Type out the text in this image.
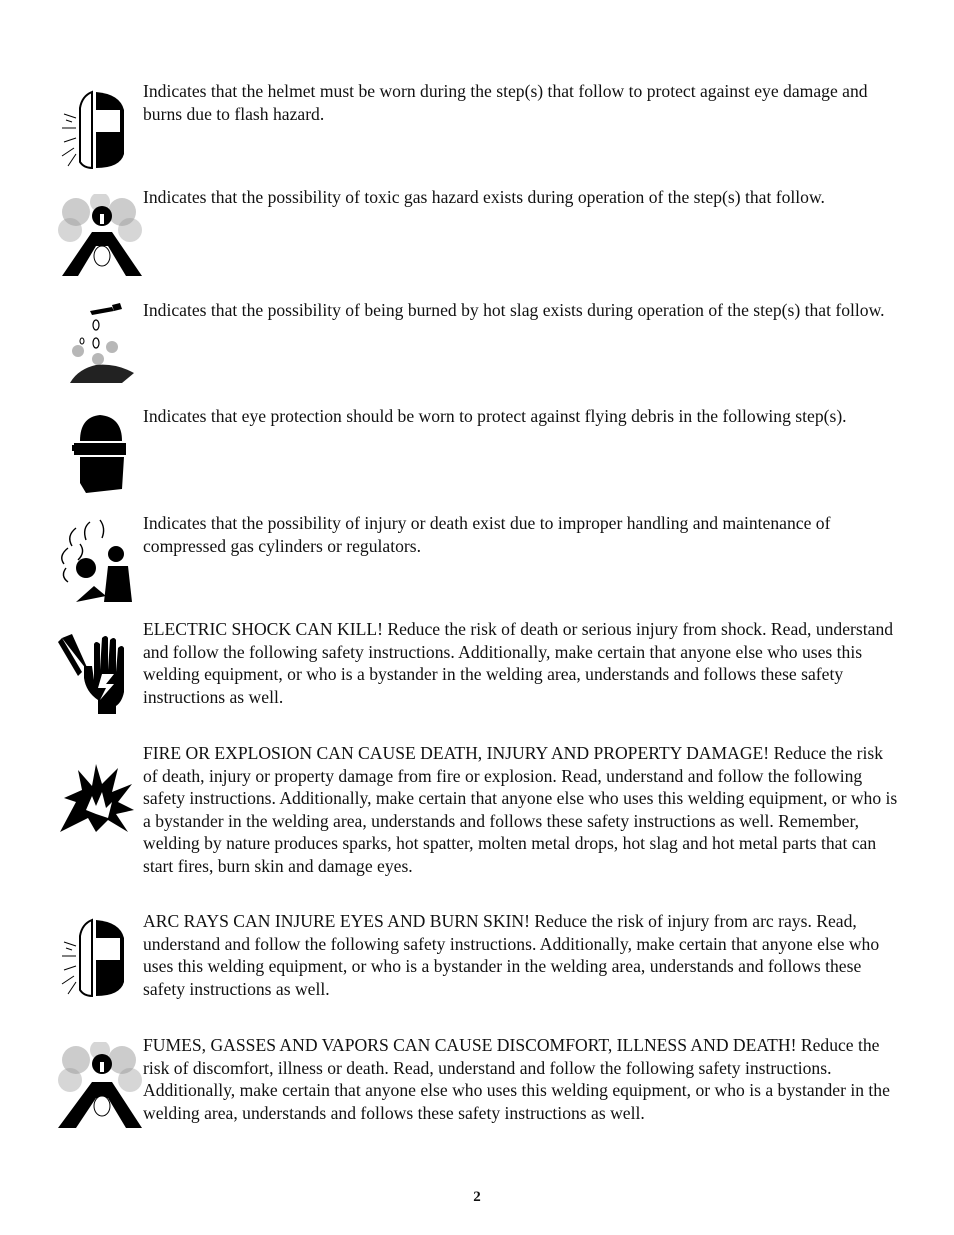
Indicates that the helmet must be worn during the step(s) that follow to protect against eye damage and burns due to flash hazard.

Indicates that the possibility of toxic gas hazard exists during operation of the step(s) that follow.

Indicates that the possibility of being burned by hot slag exists during operation of the step(s) that follow.

Indicates that eye protection should be worn to protect against flying debris in the following step(s).

Indicates that the possibility of injury or death exist due to improper handling and maintenance of compressed gas cylinders or regulators.

ELECTRIC SHOCK CAN KILL! Reduce the risk of death or serious injury from shock. Read, understand and follow the following safety instructions. Additionally, make certain that anyone else who uses this welding equipment, or who is a bystander in the welding area, understands and follows these safety instructions as well.

FIRE OR EXPLOSION CAN CAUSE DEATH, INJURY AND PROPERTY DAMAGE! Reduce the risk of death, injury or property damage from fire or explosion. Read, understand and follow the following safety instructions. Additionally, make certain that anyone else who uses this welding equipment, or who is a bystander in the welding area, understands and follows these safety instructions as well. Remember, welding by nature produces sparks, hot spatter, molten metal drops, hot slag and hot metal parts that can start fires, burn skin and damage eyes.

ARC RAYS CAN INJURE EYES AND BURN SKIN! Reduce the risk of injury from arc rays. Read, understand and follow the following safety instructions. Additionally, make certain that anyone else who uses this welding equipment, or who is a bystander in the welding area, understands and follows these safety instructions as well.

FUMES, GASSES AND VAPORS CAN CAUSE DISCOMFORT, ILLNESS AND DEATH! Reduce the risk of discomfort, illness or death. Read, understand and follow the following safety instructions. Additionally, make certain that anyone else who uses this welding equipment, or who is a bystander in the welding area, understands and follows these safety instructions as well.

2
